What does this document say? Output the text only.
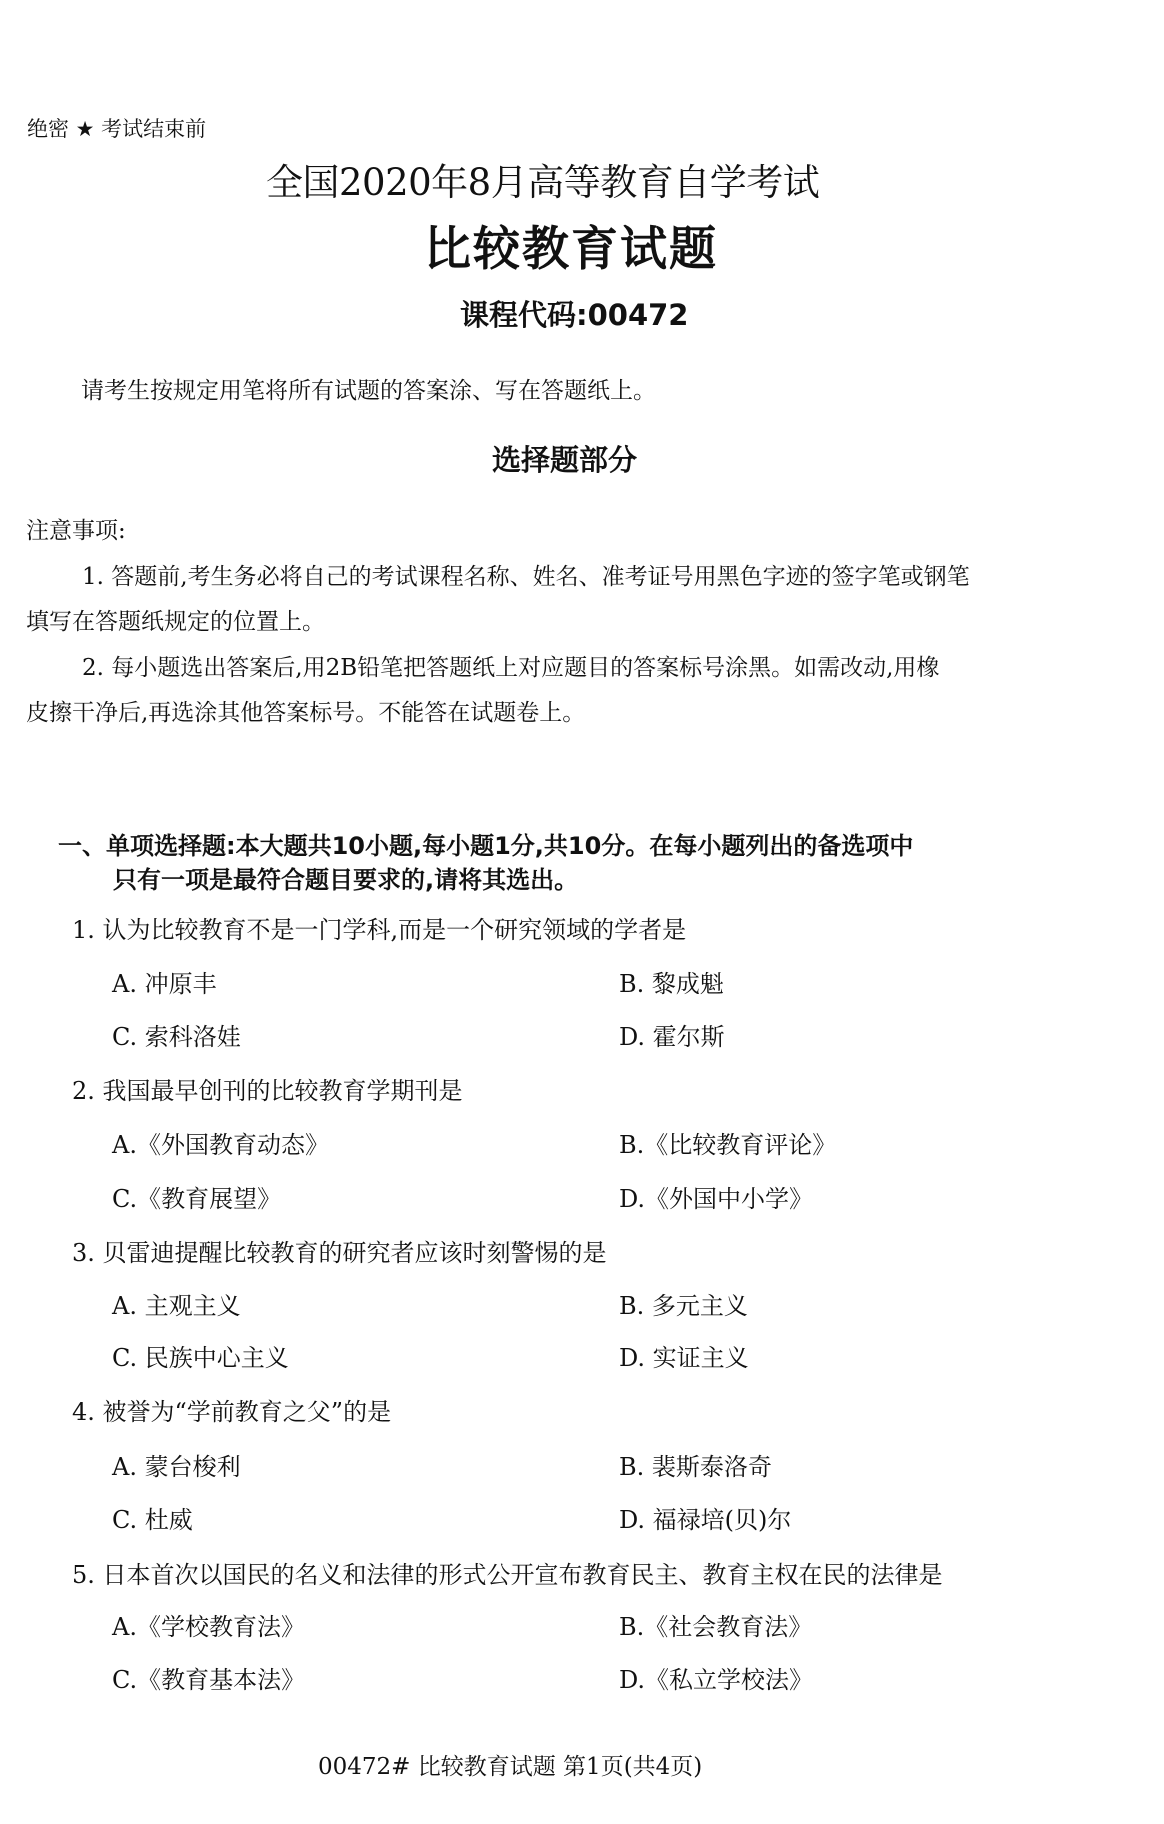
绝密 ★ 考试结束前
全国2020年8月高等教育自学考试
比较教育试题
课程代码:00472
请考生按规定用笔将所有试题的答案涂、写在答题纸上。
选择题部分
注意事项:
1. 答题前,考生务必将自己的考试课程名称、姓名、准考证号用黑色字迹的签字笔或钢笔
填写在答题纸规定的位置上。
2. 每小题选出答案后,用2B铅笔把答题纸上对应题目的答案标号涂黑。如需改动,用橡
皮擦干净后,再选涂其他答案标号。不能答在试题卷上。
一、单项选择题:本大题共10小题,每小题1分,共10分。在每小题列出的备选项中
只有一项是最符合题目要求的,请将其选出。
1. 认为比较教育不是一门学科,而是一个研究领域的学者是
A. 冲原丰	B. 黎成魁
C. 索科洛娃	D. 霍尔斯
2. 我国最早创刊的比较教育学期刊是
A.《外国教育动态》	B.《比较教育评论》
C.《教育展望》	D.《外国中小学》
3. 贝雷迪提醒比较教育的研究者应该时刻警惕的是
A. 主观主义	B. 多元主义
C. 民族中心主义	D. 实证主义
4. 被誉为“学前教育之父”的是
A. 蒙台梭利	B. 裴斯泰洛奇
C. 杜威	D. 福禄培(贝)尔
5. 日本首次以国民的名义和法律的形式公开宣布教育民主、教育主权在民的法律是
A.《学校教育法》	B.《社会教育法》
C.《教育基本法》	D.《私立学校法》
00472# 比较教育试题 第1页(共4页)
